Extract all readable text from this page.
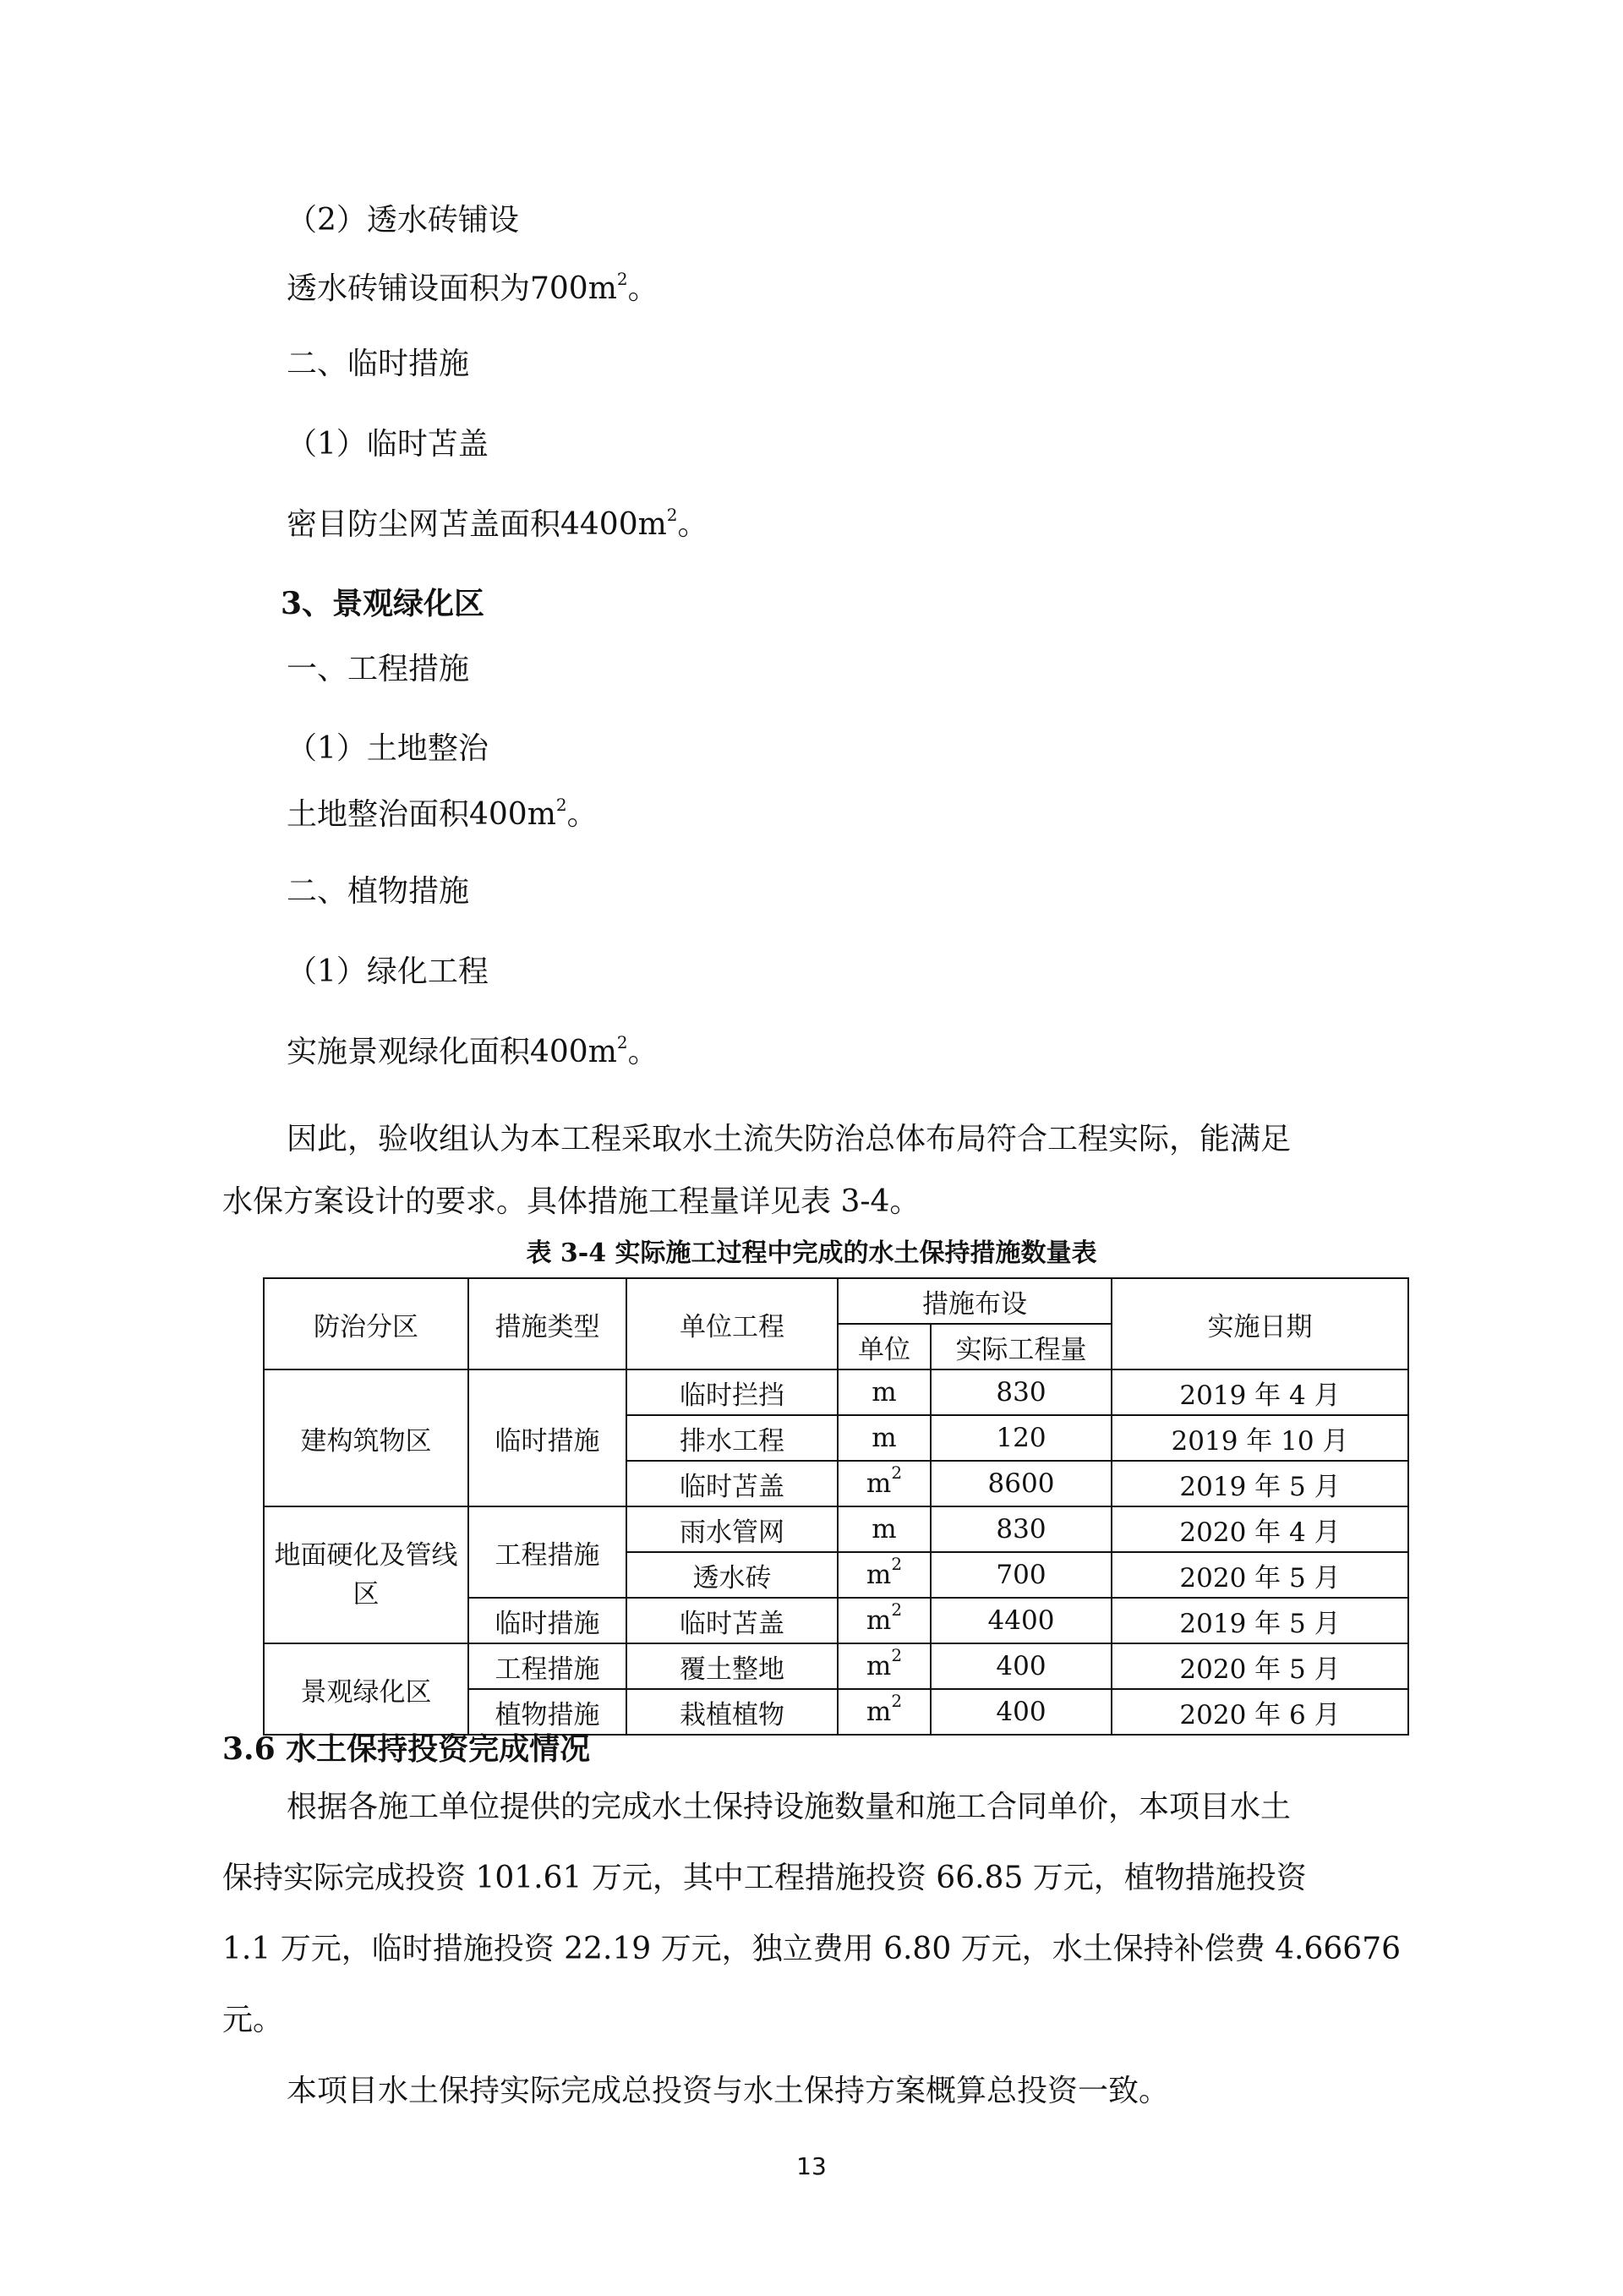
（2）透水砖铺设
透水砖铺设面积为$700m^2$。
二、临时措施
（1）临时苫盖
密目防尘网苫盖面积$4400m^2$。
3、景观绿化区
一、工程措施
（1）土地整治
土地整治面积$400m^2$。
二、植物措施
（1）绿化工程
实施景观绿化面积$400m^2$。
因此，验收组认为本工程采取水土流失防治总体布局符合工程实际，能满足
水保方案设计的要求。具体措施工程量详见表 3-4。
表 3-4 实际施工过程中完成的水土保持措施数量表
防治分区	措施类型	单位工程	措施布设		实施日期
			单位	实际工程量	
建构筑物区	临时措施	临时拦挡	m	830	2019 年 4 月
		排水工程	m	120	2019 年 10 月
		临时苫盖	$m^2$	8600	2019 年 5 月
地面硬化及管线区	工程措施	雨水管网	m	830	2020 年 4 月
		透水砖	$m^2$	700	2020 年 5 月
	临时措施	临时苫盖	$m^2$	4400	2019 年 5 月
景观绿化区	工程措施	覆土整地	$m^2$	400	2020 年 5 月
	植物措施	栽植植物	$m^2$	400	2020 年 6 月
3.6 水土保持投资完成情况
根据各施工单位提供的完成水土保持设施数量和施工合同单价，本项目水土
保持实际完成投资 101.61 万元，其中工程措施投资 66.85 万元，植物措施投资
1.1 万元，临时措施投资 22.19 万元，独立费用 6.80 万元，水土保持补偿费 4.66676
元。
本项目水土保持实际完成总投资与水土保持方案概算总投资一致。
13
